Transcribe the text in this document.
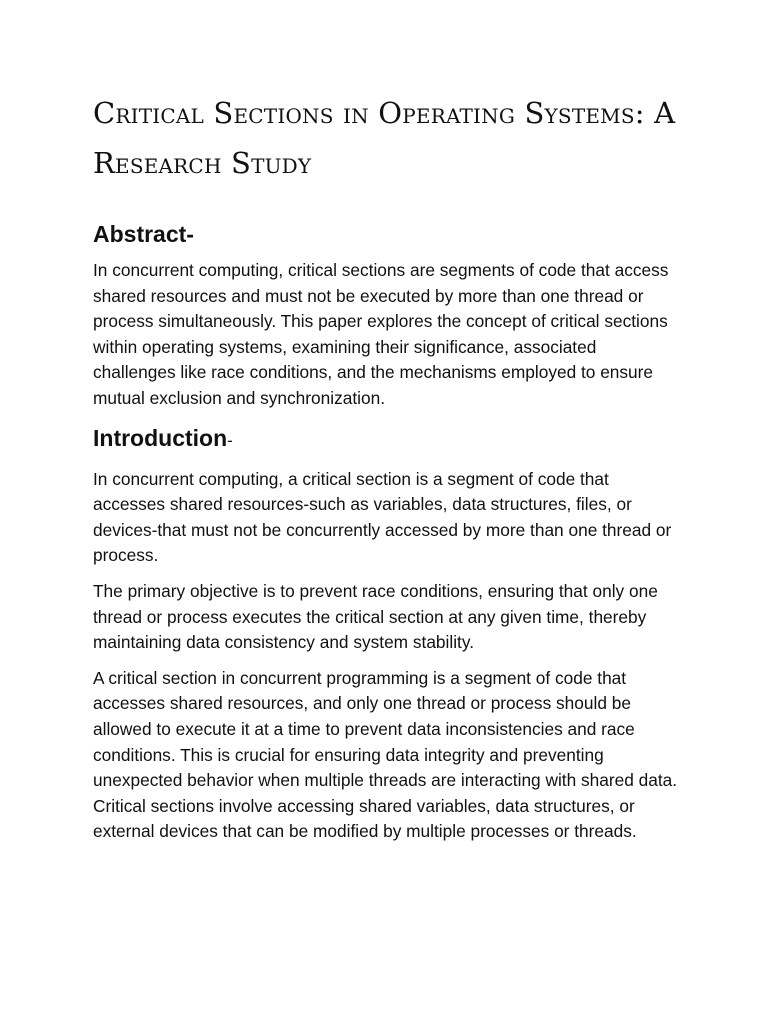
Critical Sections in Operating Systems: A Research Study
Abstract-

In concurrent computing, critical sections are segments of code that access shared resources and must not be executed by more than one thread or process simultaneously. This paper explores the concept of critical sections within operating systems, examining their significance, associated challenges like race conditions, and the mechanisms employed to ensure mutual exclusion and synchronization.

Introduction-

In concurrent computing, a critical section is a segment of code that accesses shared resources-such as variables, data structures, files, or devices-that must not be concurrently accessed by more than one thread or process.

The primary objective is to prevent race conditions, ensuring that only one thread or process executes the critical section at any given time, thereby maintaining data consistency and system stability.

A critical section in concurrent programming is a segment of code that accesses shared resources, and only one thread or process should be allowed to execute it at a time to prevent data inconsistencies and race conditions. This is crucial for ensuring data integrity and preventing unexpected behavior when multiple threads are interacting with shared data. Critical sections involve accessing shared variables, data structures, or external devices that can be modified by multiple processes or threads.
